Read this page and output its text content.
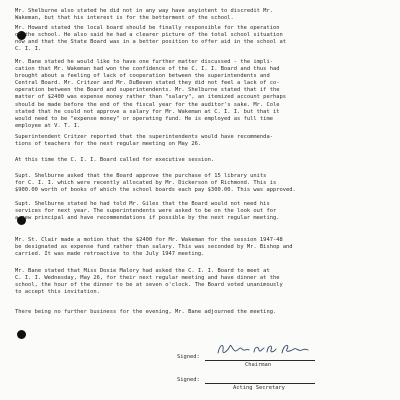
Mr. Shelburne also stated he did not in any way have anyintent to discredit Mr.
Wakeman, but that his interest is for the betterment of the school.

Mr. Howard stated the local board should be finally responsible for the operation
of the school. He also said he had a clearer picture of the total school situation
now and that the State Board was in a better position to offer aid in the school at
C. I. I.

Mr. Bane stated he would like to have one further matter discussed - the impli-
cation that Mr. Wakeman had won the confidence of the C. I. I. Board and thus had
brought about a feeling of lack of cooperation between the superintendents and
Central Board. Mr. Critzer and Mr. DuBeven stated they did not feel a lack of co-
operation between the Board and superintendents. Mr. Shelburne stated that if the
matter of $2400 was expense money rather than "salary", an itemized account perhaps
should be made before the end of the fiscal year for the auditor's sake. Mr. Cole
stated that he could not approve a salary for Mr. Wakeman at C. I. I. but that it
would need to be "expense money" or operating fund. He is employed as full time
employee at V. T. I.

Superintendent Critzer reported that the superintendents would have recommenda-
tions of teachers for the next regular meeting on May 26.

At this time the C. I. I. Board called for executive session.

Supt. Shelburne asked that the Board approve the purchase of 15 library units
for C. I. I. which were recently allocated by Mr. Dickerson of Richmond. This is
$900.00 worth of books of which the school boards each pay $300.00. This was approved.

Supt. Shelburne stated he had told Mr. Giles that the Board would not need his
services for next year. The superintendents were asked to be on the look out for
a new principal and have recommendations if possible by the next regular meeting.

Mr. St. Clair made a motion that the $2400 for Mr. Wakeman for the session 1947-48
be designated as expense fund rather than salary. This was seconded by Mr. Bishop and
carried. It was made retroactive to the July 1947 meeting.

Mr. Bane stated that Miss Doxie Malory had asked the C. I. I. Board to meet at
C. I. I. Wednesday, May 26, for their next regular meeting and have dinner at the
school, the hour of the dinner to be at seven o'clock. The Board voted unanimously
to accept this invitation.

There being no further business for the evening, Mr. Bane adjourned the meeting.

Signed:
Chairman
Signed:
Acting Secretary
